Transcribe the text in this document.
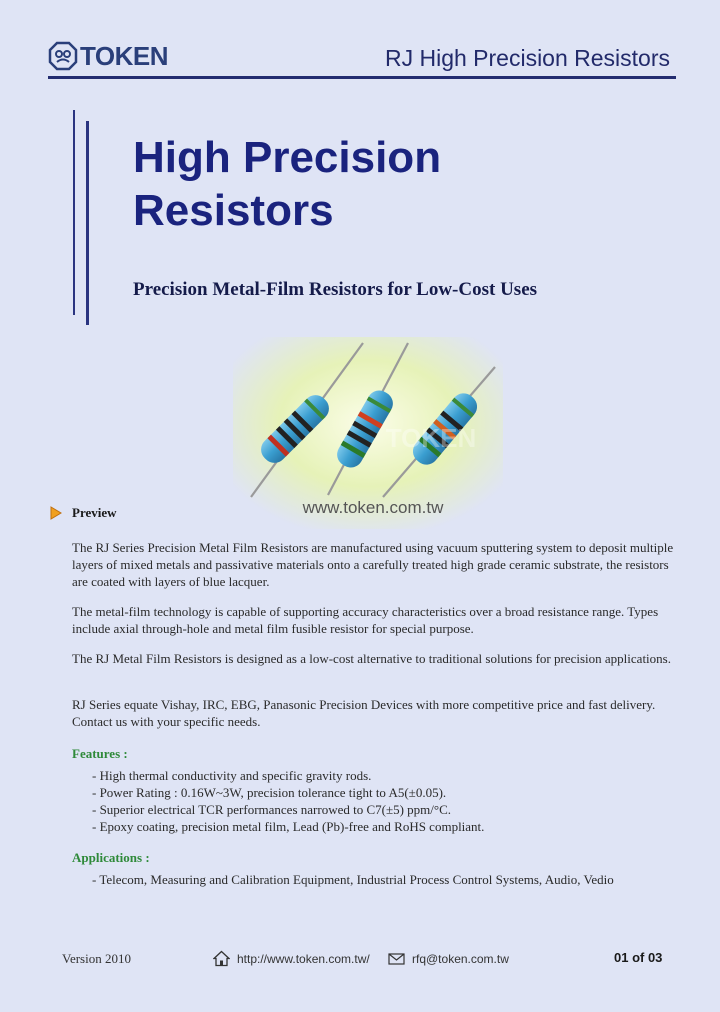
TOKEN	RJ High Precision Resistors
High Precision
Resistors
Precision Metal-Film Resistors for Low-Cost Uses
TOKEN
www.token.com.tw
Preview

The RJ Series Precision Metal Film Resistors are manufactured using vacuum sputtering system to deposit multiple layers of mixed metals and passivative materials onto a carefully treated high grade ceramic substrate, the resistors are coated with layers of blue lacquer.

The metal-film technology is capable of supporting accuracy characteristics over a broad resistance range. Types include axial through-hole and metal film fusible resistor for special purpose.

The RJ Metal Film Resistors is designed as a low-cost alternative to traditional solutions for precision applications.

RJ Series equate Vishay, IRC, EBG, Panasonic Precision Devices with more competitive price and fast delivery. Contact us with your specific needs.

Features :
- High thermal conductivity and specific gravity rods.
- Power Rating : 0.16W~3W, precision tolerance tight to A5(±0.05).
- Superior electrical TCR performances narrowed to C7(±5) ppm/°C.
- Epoxy coating, precision metal film, Lead (Pb)-free and RoHS compliant.
Applications :
- Telecom, Measuring and Calibration Equipment, Industrial Process Control Systems, Audio, Vedio
Version 2010	http://www.token.com.tw/	rfq@token.com.tw	01 of 03
